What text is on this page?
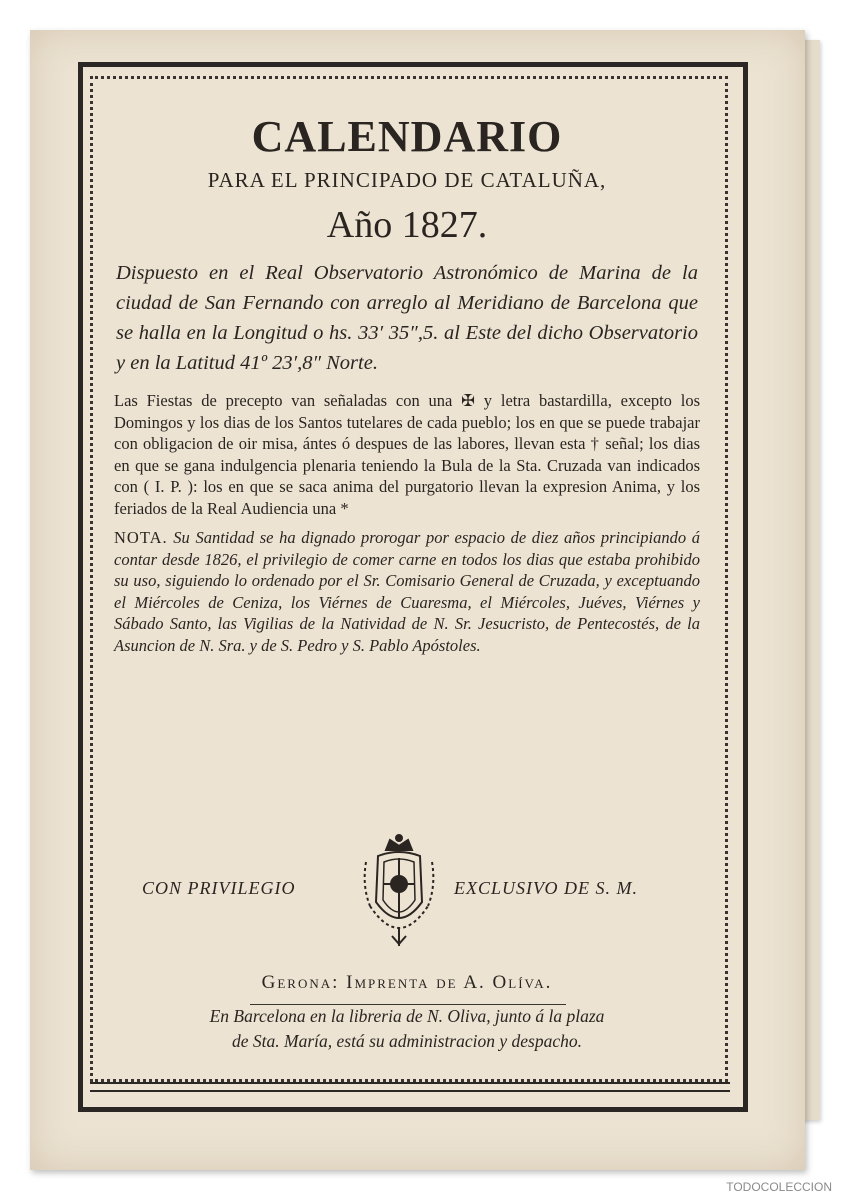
CALENDARIO
PARA EL PRINCIPADO DE CATALUÑA,
Año 1827.
Dispuesto en el Real Observatorio Astronómico de Marina de la ciudad de San Fernando con arreglo al Meridiano de Barcelona que se halla en la Longitud o hs. 33′ 35″,5. al Este del dicho Observatorio y en la Latitud 41º 23′,8″ Norte.
Las Fiestas de precepto van señaladas con una ✠ y letra bastardilla, excepto los Domingos y los dias de los Santos tutelares de cada pueblo; los en que se puede trabajar con obligacion de oir misa, ántes ó despues de las labores, llevan esta † señal; los dias en que se gana indulgencia plenaria teniendo la Bula de la Sta. Cruzada van indicados con ( I. P. ): los en que se saca anima del purgatorio llevan la expresion Anima, y los feriados de la Real Audiencia una *
NOTA. Su Santidad se ha dignado prorogar por espacio de diez años principiando á contar desde 1826, el privilegio de comer carne en todos los dias que estaba prohibido su uso, siguiendo lo ordenado por el Sr. Comisario General de Cruzada, y exceptuando el Miércoles de Ceniza, los Viérnes de Cuaresma, el Miércoles, Juéves, Viérnes y Sábado Santo, las Vigilias de la Natividad de N. Sr. Jesucristo, de Pentecostés, de la Asuncion de N. Sra. y de S. Pedro y S. Pablo Apóstoles.
CON PRIVILEGIO	EXCLUSIVO DE S. M.
Gerona: Imprenta de A. Olíva.
En Barcelona en la libreria de N. Oliva, junto á la plaza
de Sta. María, está su administracion y despacho.
TODOCOLECCION
